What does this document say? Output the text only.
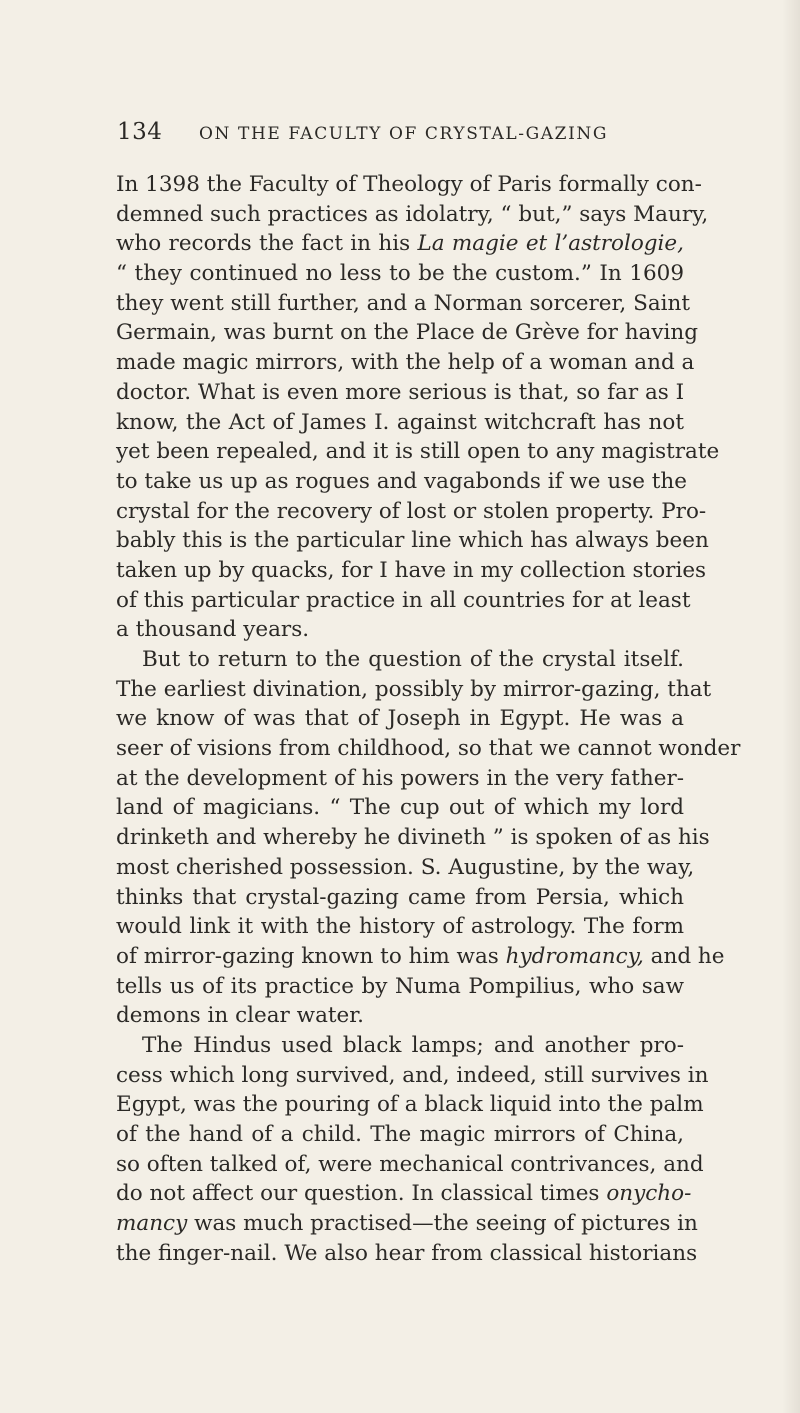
134 ON THE FACULTY OF CRYSTAL-GAZING
In 1398 the Faculty of Theology of Paris formally con-
demned such practices as idolatry, “ but,” says Maury,
who records the fact in his La magie et l’astrologie,
“ they continued no less to be the custom.” In 1609
they went still further, and a Norman sorcerer, Saint
Germain, was burnt on the Place de Grève for having
made magic mirrors, with the help of a woman and a
doctor. What is even more serious is that, so far as I
know, the Act of James I. against witchcraft has not
yet been repealed, and it is still open to any magistrate
to take us up as rogues and vagabonds if we use the
crystal for the recovery of lost or stolen property. Pro-
bably this is the particular line which has always been
taken up by quacks, for I have in my collection stories
of this particular practice in all countries for at least
a thousand years.
But to return to the question of the crystal itself.
The earliest divination, possibly by mirror-gazing, that
we know of was that of Joseph in Egypt. He was a
seer of visions from childhood, so that we cannot wonder
at the development of his powers in the very father-
land of magicians. “ The cup out of which my lord
drinketh and whereby he divineth ” is spoken of as his
most cherished possession. S. Augustine, by the way,
thinks that crystal-gazing came from Persia, which
would link it with the history of astrology. The form
of mirror-gazing known to him was hydromancy, and he
tells us of its practice by Numa Pompilius, who saw
demons in clear water.
The Hindus used black lamps; and another pro-
cess which long survived, and, indeed, still survives in
Egypt, was the pouring of a black liquid into the palm
of the hand of a child. The magic mirrors of China,
so often talked of, were mechanical contrivances, and
do not affect our question. In classical times onycho-
mancy was much practised—the seeing of pictures in
the finger-nail. We also hear from classical historians
